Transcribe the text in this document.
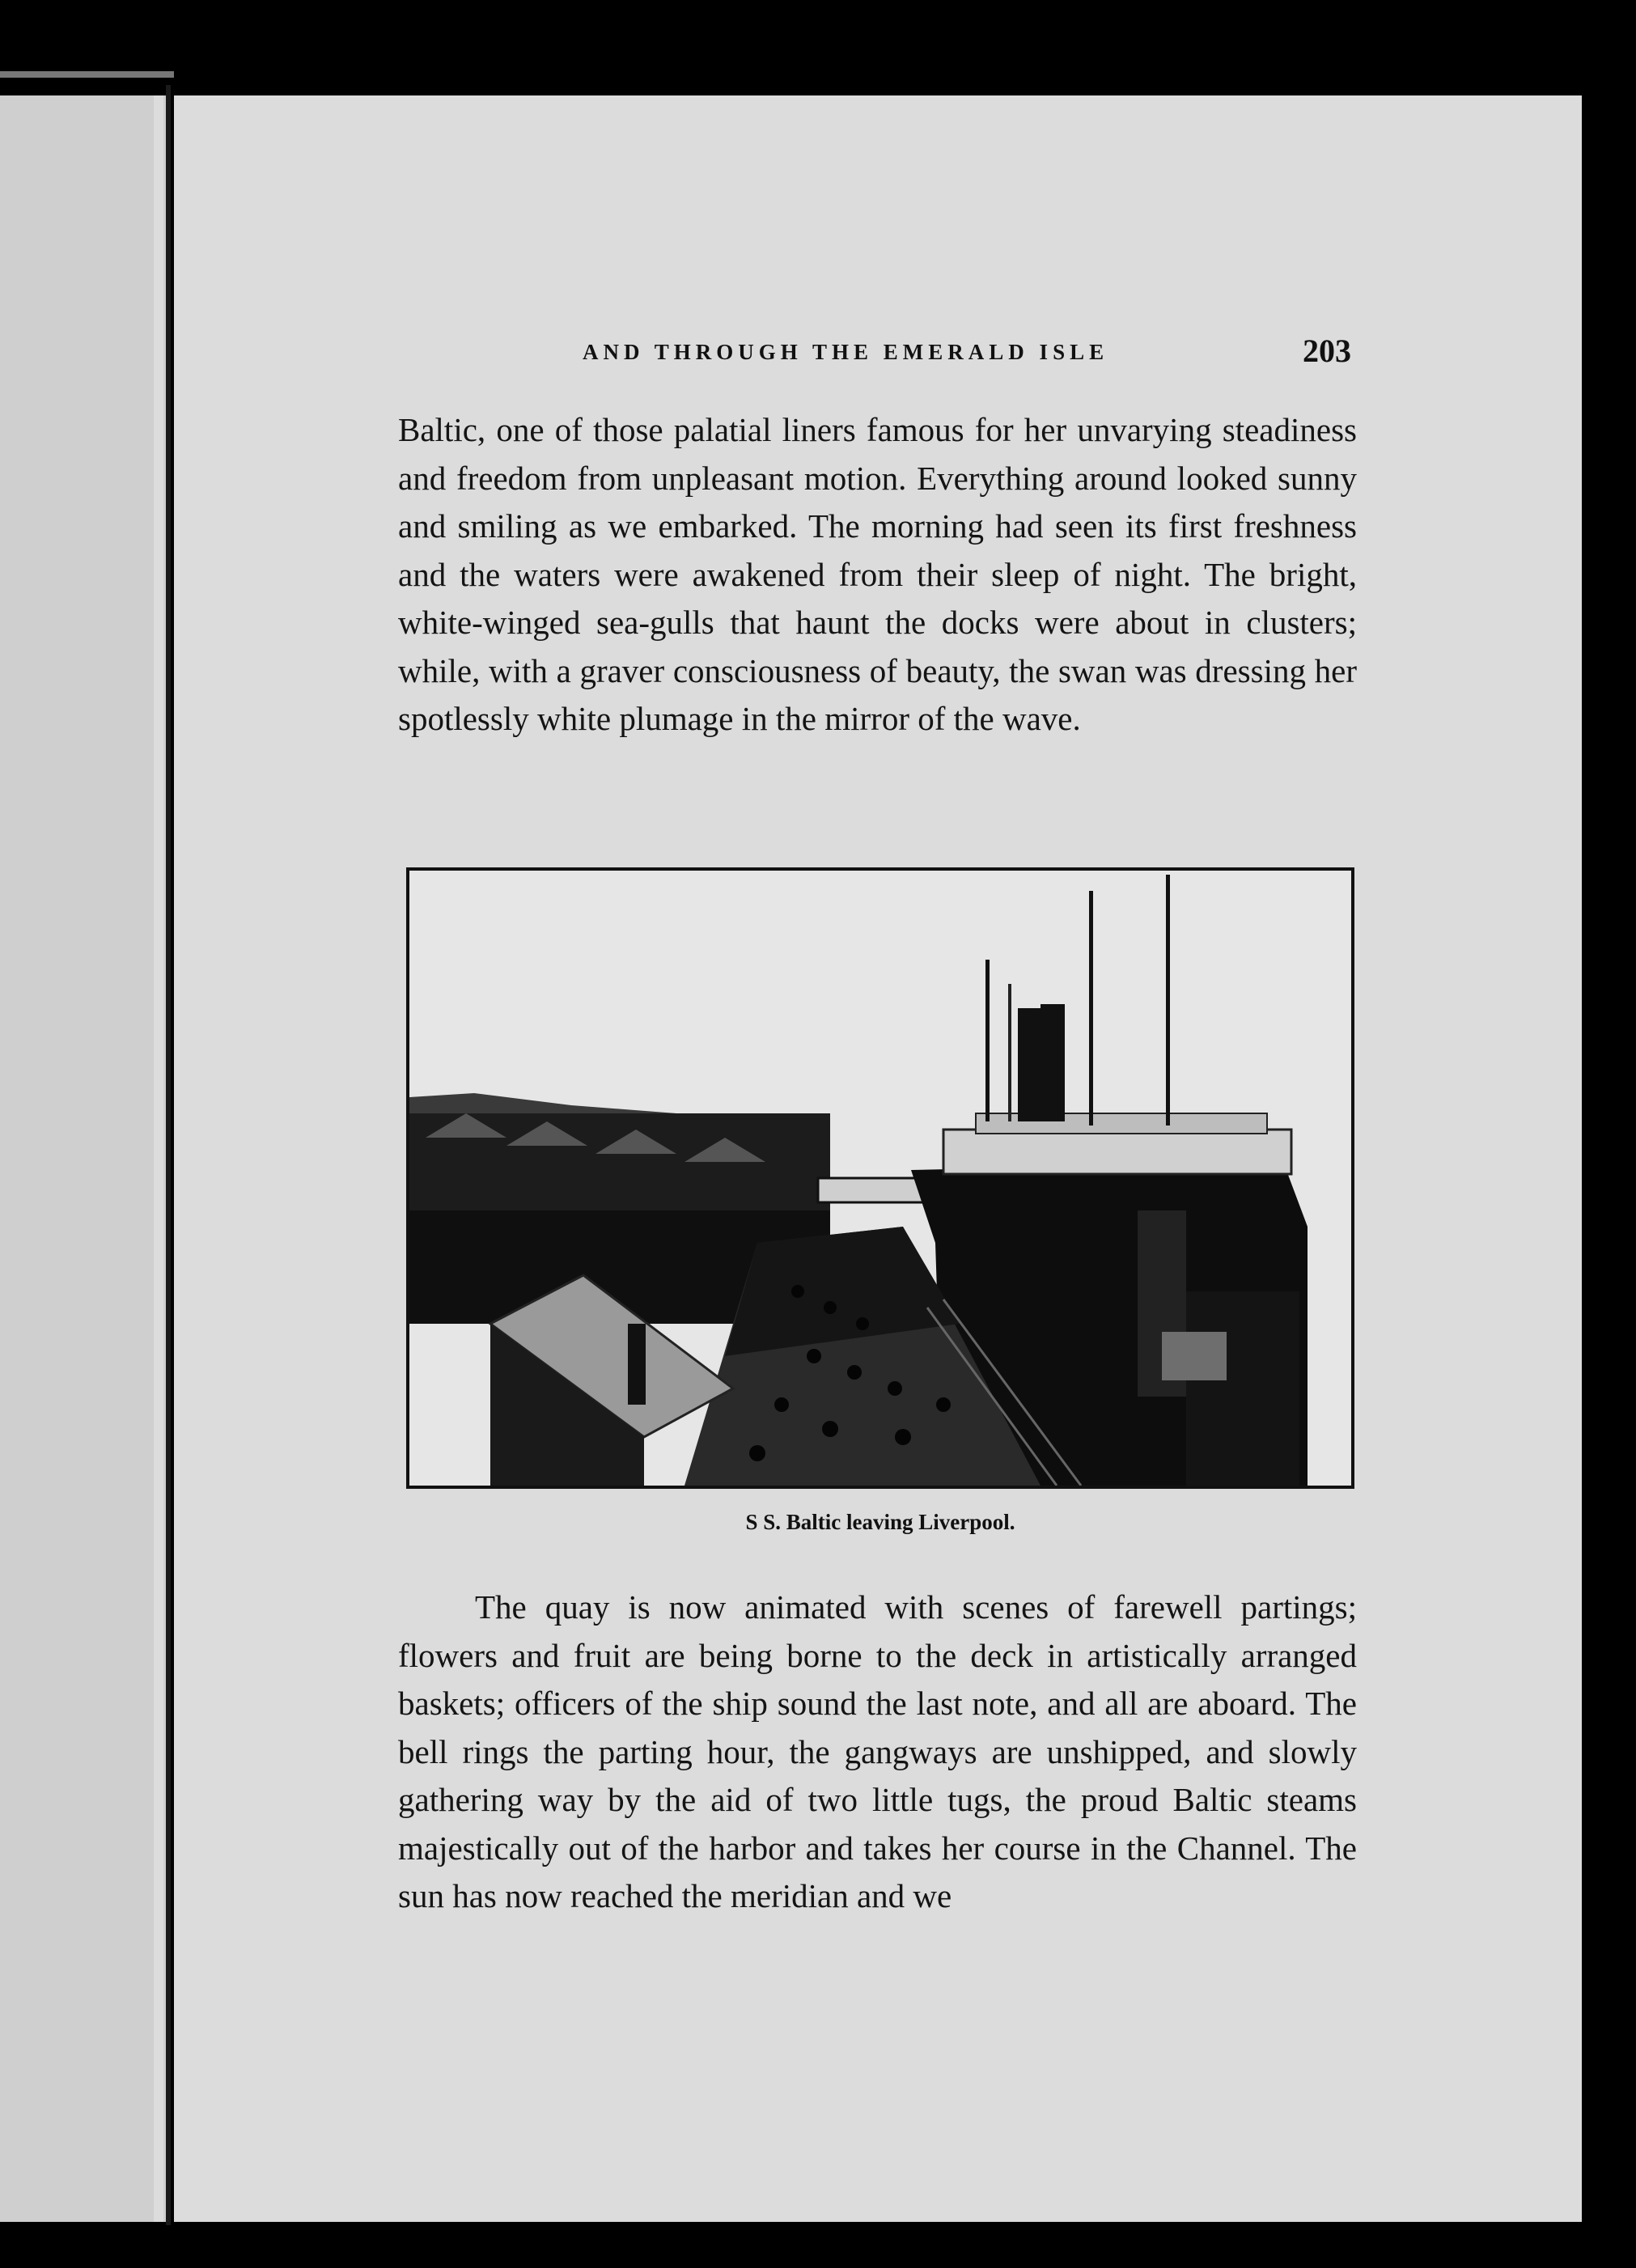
AND THROUGH THE EMERALD ISLE	203

Baltic, one of those palatial liners famous for her unvarying steadiness and freedom from unpleasant motion. Everything around looked sunny and smiling as we embarked. The morning had seen its first freshness and the waters were awakened from their sleep of night. The bright, white-winged sea-gulls that haunt the docks were about in clusters; while, with a graver consciousness of beauty, the swan was dressing her spotlessly white plumage in the mirror of the wave.

S S. Baltic leaving Liverpool.

The quay is now animated with scenes of farewell partings; flowers and fruit are being borne to the deck in artistically arranged baskets; officers of the ship sound the last note, and all are aboard. The bell rings the parting hour, the gangways are unshipped, and slowly gathering way by the aid of two little tugs, the proud Baltic steams majestically out of the harbor and takes her course in the Channel. The sun has now reached the meridian and we
